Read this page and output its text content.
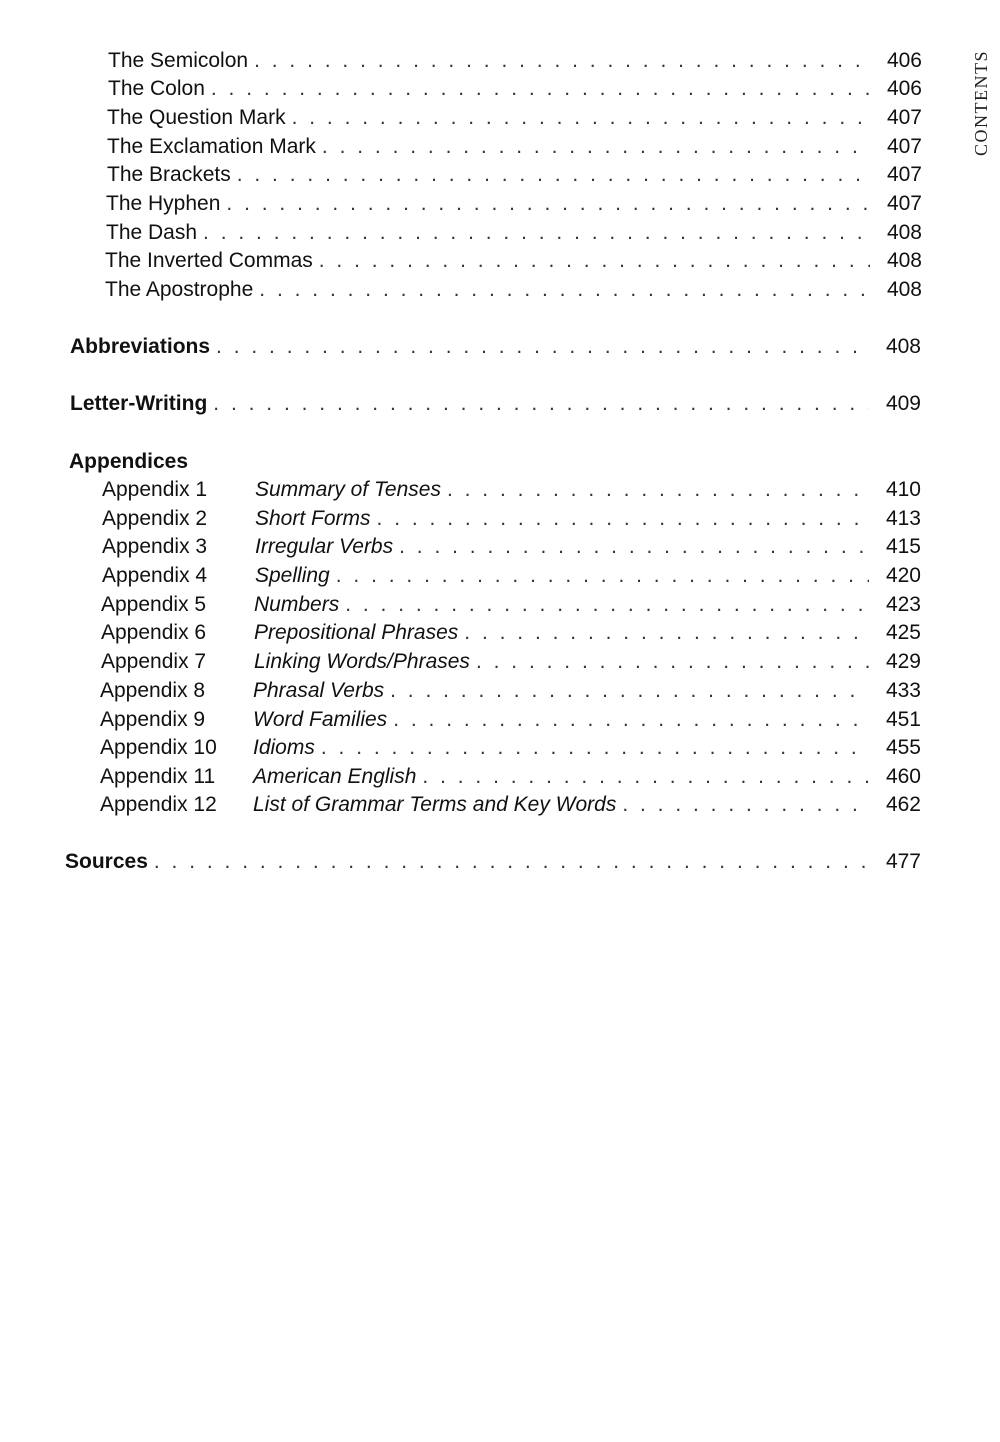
CONTENTS
The Semicolon . . .	406
The Colon . . .	406
The Question Mark . . .	407
The Exclamation Mark . . .	407
The Brackets . . .	407
The Hyphen . . .	407
The Dash . . .	408
The Inverted Commas . . .	408
The Apostrophe . . .	408
Abbreviations . . .	408
Letter-Writing . . .	409
Appendices
Appendix 1	Summary of Tenses . . .	410
Appendix 2	Short Forms . . .	413
Appendix 3	Irregular Verbs . . .	415
Appendix 4	Spelling . . .	420
Appendix 5	Numbers . . .	423
Appendix 6	Prepositional Phrases . . .	425
Appendix 7	Linking Words/Phrases . . .	429
Appendix 8	Phrasal Verbs . . .	433
Appendix 9	Word Families . . .	451
Appendix 10	Idioms . . .	455
Appendix 11	American English . . .	460
Appendix 12	List of Grammar Terms and Key Words . . .	462
Sources . . .	477
